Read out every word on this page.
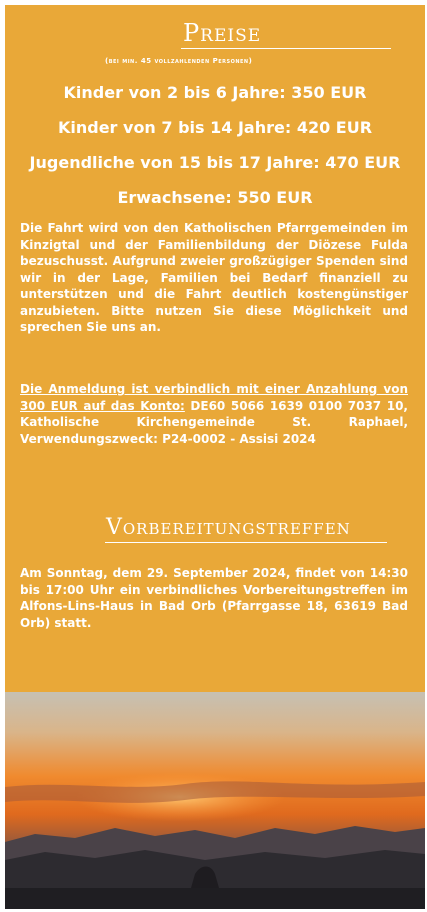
Preise
(bei min. 45 vollzahlenden Personen)
Kinder von 2 bis 6 Jahre: 350 EUR
Kinder von 7 bis 14 Jahre: 420 EUR
Jugendliche von 15 bis 17 Jahre: 470 EUR
Erwachsene: 550 EUR

Die Fahrt wird von den Katholischen Pfarrgemeinden im Kinzigtal und der Familienbildung der Diözese Fulda bezuschusst. Aufgrund zweier großzügiger Spenden sind wir in der Lage, Familien bei Bedarf finanziell zu unterstützen und die Fahrt deutlich kostengünstiger anzubieten. Bitte nutzen Sie diese Möglichkeit und sprechen Sie uns an.

Die Anmeldung ist verbindlich mit einer Anzahlung von 300 EUR auf das Konto: DE60 5066 1639 0100 7037 10, Katholische Kirchengemeinde St. Raphael, Verwendungszweck: P24-0002 - Assisi 2024

Vorbereitungstreffen

Am Sonntag, dem 29. September 2024, findet von 14:30 bis 17:00 Uhr ein verbindliches Vorbereitungstreffen im Alfons-Lins-Haus in Bad Orb (Pfarrgasse 18, 63619 Bad Orb) statt.
